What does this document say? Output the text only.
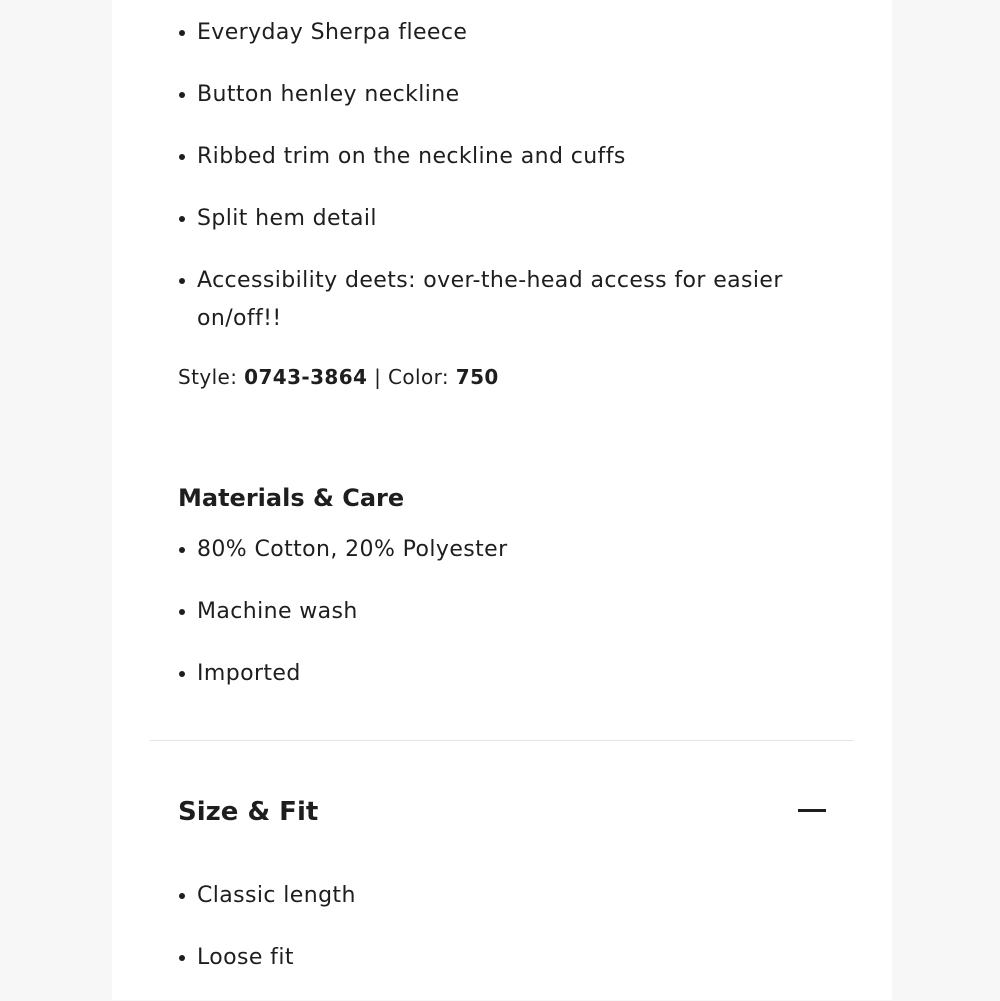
Everyday Sherpa fleece
Button henley neckline
Ribbed trim on the neckline and cuffs
Split hem detail
Accessibility deets: over-the-head access for easier on/off!!
Style: 0743-3864 | Color: 750
Materials & Care
80% Cotton, 20% Polyester
Machine wash
Imported
Size & Fit
Classic length
Loose fit
